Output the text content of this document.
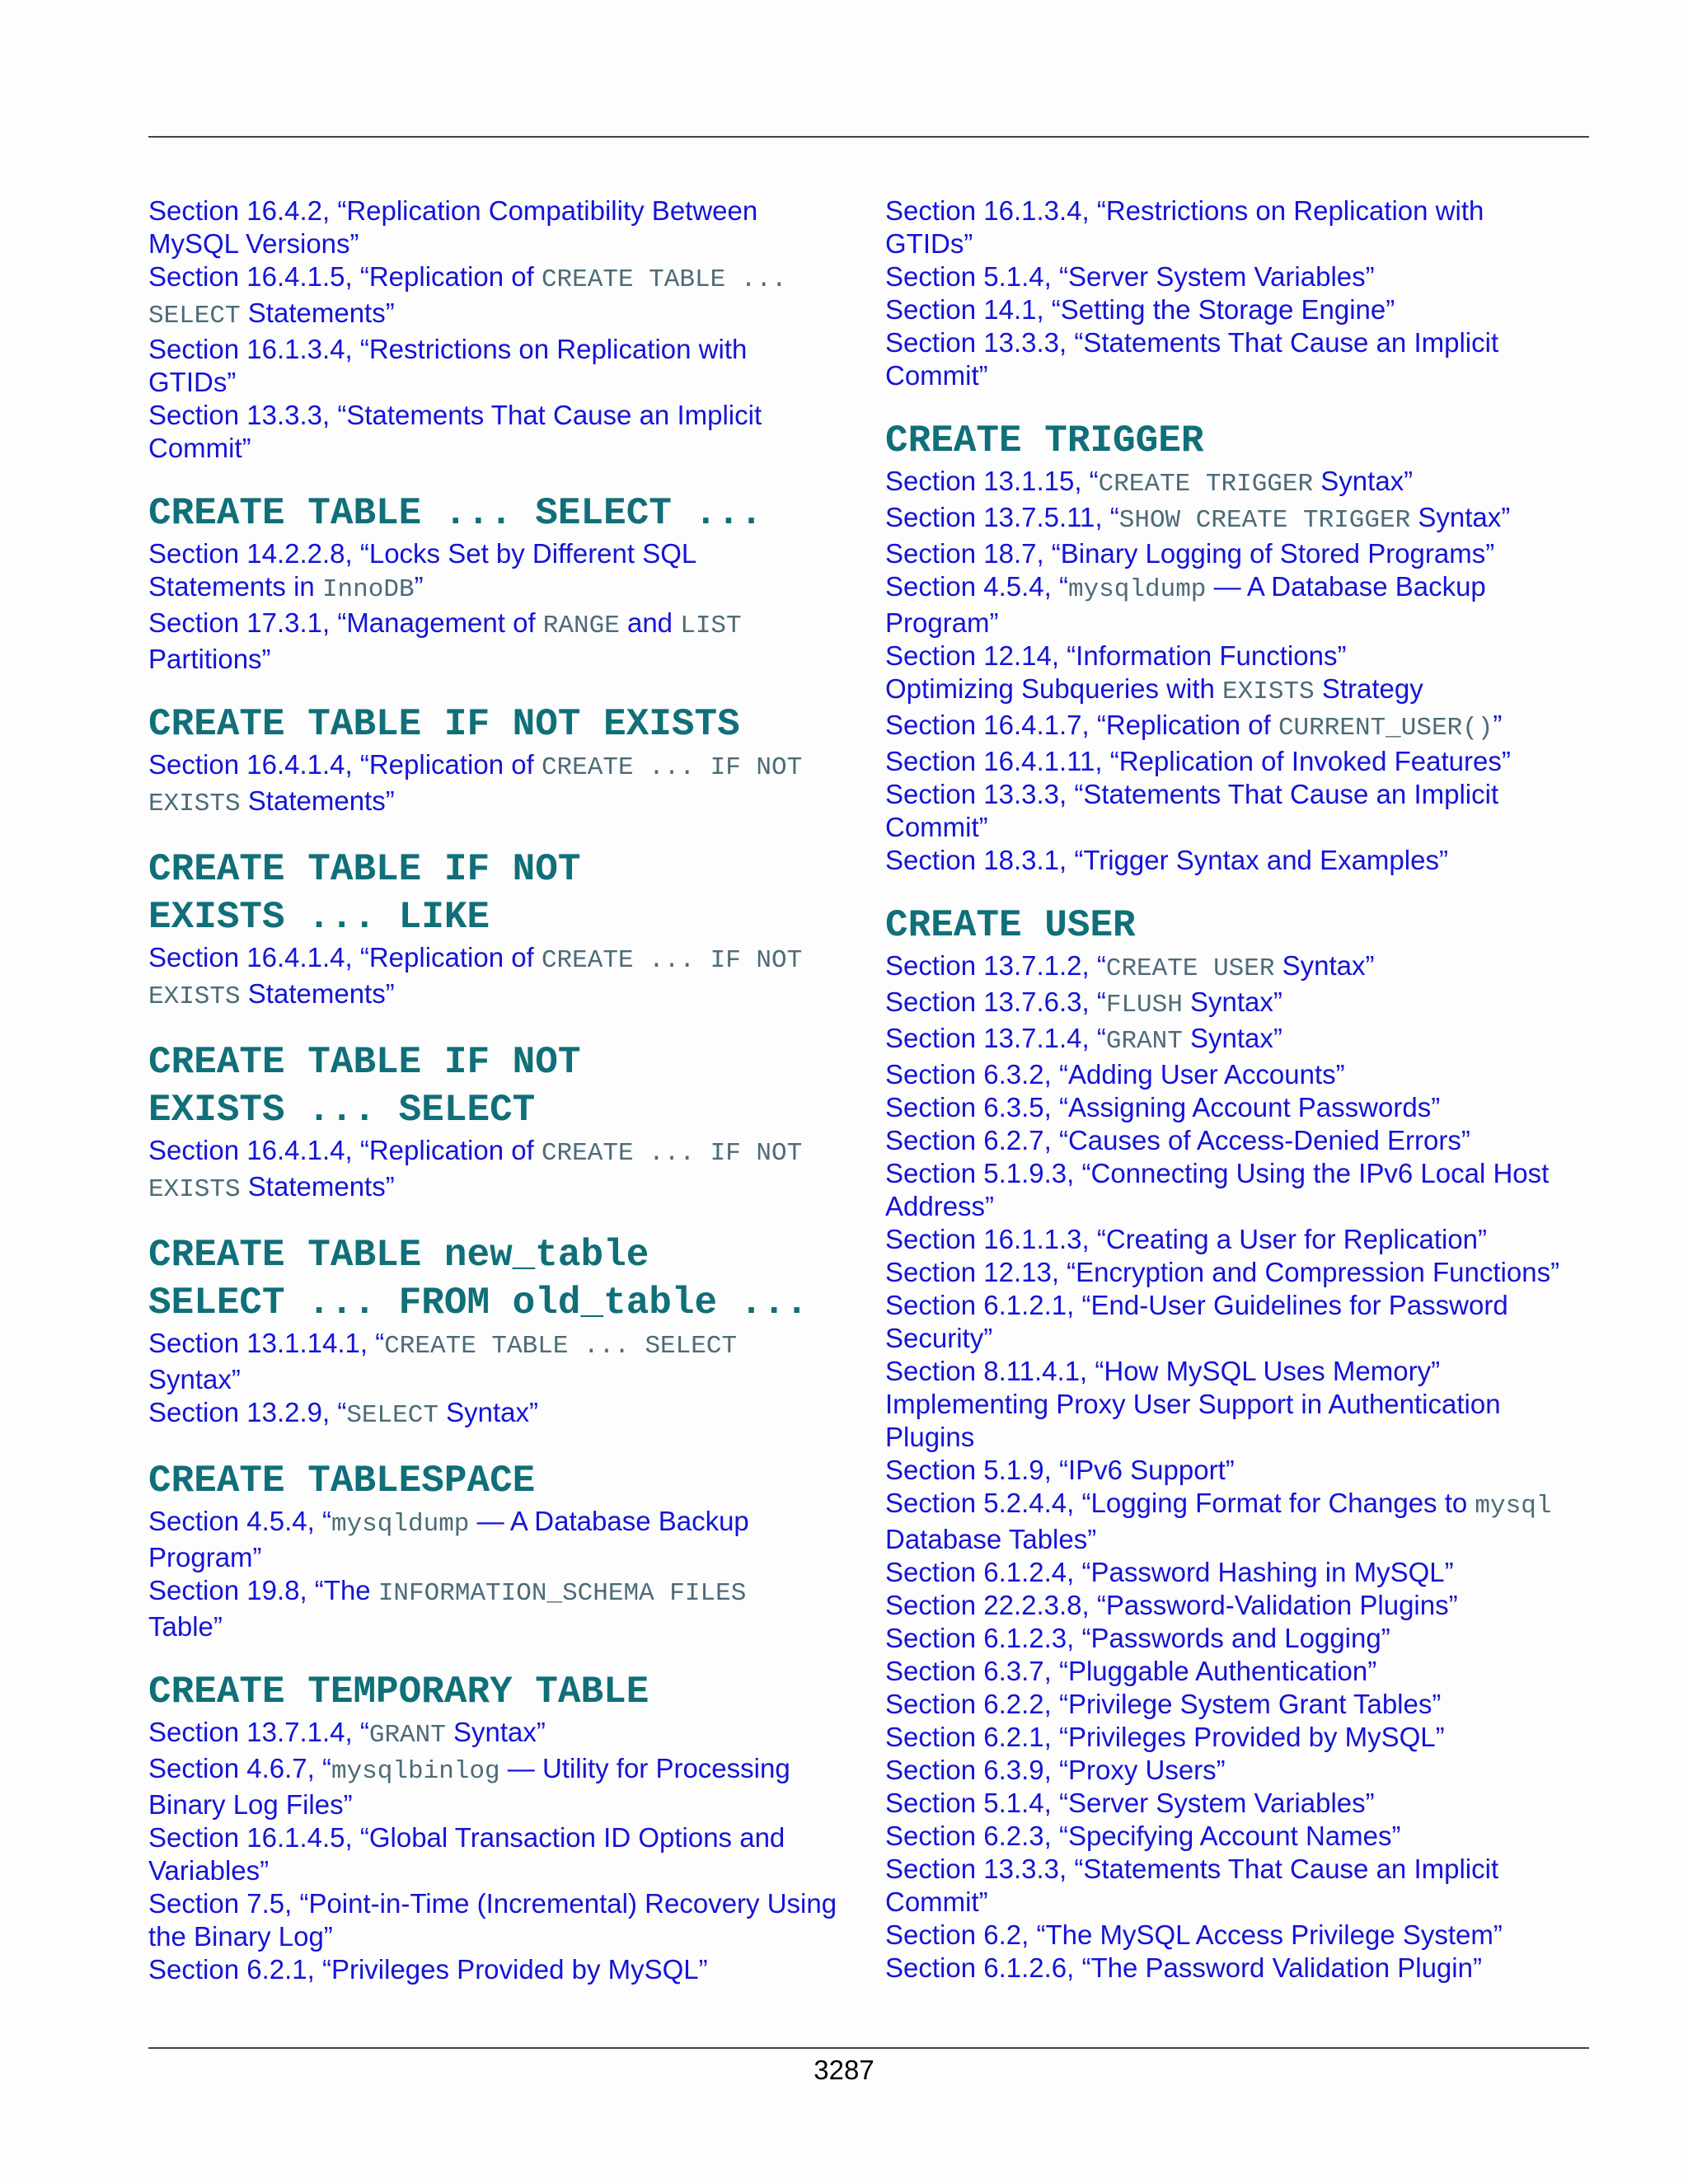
Section 16.4.2, “Replication Compatibility Between
MySQL Versions”
Section 16.4.1.5, “Replication of CREATE TABLE ...
SELECT Statements”
Section 16.1.3.4, “Restrictions on Replication with
GTIDs”
Section 13.3.3, “Statements That Cause an Implicit
Commit”
CREATE TABLE ... SELECT ...
Section 14.2.2.8, “Locks Set by Different SQL
Statements in InnoDB”
Section 17.3.1, “Management of RANGE and LIST
Partitions”
CREATE TABLE IF NOT EXISTS
Section 16.4.1.4, “Replication of CREATE ... IF NOT
EXISTS Statements”
CREATE TABLE IF NOT
EXISTS ... LIKE
Section 16.4.1.4, “Replication of CREATE ... IF NOT
EXISTS Statements”
CREATE TABLE IF NOT
EXISTS ... SELECT
Section 16.4.1.4, “Replication of CREATE ... IF NOT
EXISTS Statements”
CREATE TABLE new_table
SELECT ... FROM old_table ...
Section 13.1.14.1, “CREATE TABLE ... SELECT
Syntax”
Section 13.2.9, “SELECT Syntax”
CREATE TABLESPACE
Section 4.5.4, “mysqldump — A Database Backup
Program”
Section 19.8, “The INFORMATION_SCHEMA FILES
Table”
CREATE TEMPORARY TABLE
Section 13.7.1.4, “GRANT Syntax”
Section 4.6.7, “mysqlbinlog — Utility for Processing
Binary Log Files”
Section 16.1.4.5, “Global Transaction ID Options and
Variables”
Section 7.5, “Point-in-Time (Incremental) Recovery Using
the Binary Log”
Section 6.2.1, “Privileges Provided by MySQL”
Section 16.1.3.4, “Restrictions on Replication with
GTIDs”
Section 5.1.4, “Server System Variables”
Section 14.1, “Setting the Storage Engine”
Section 13.3.3, “Statements That Cause an Implicit
Commit”
CREATE TRIGGER
Section 13.1.15, “CREATE TRIGGER Syntax”
Section 13.7.5.11, “SHOW CREATE TRIGGER Syntax”
Section 18.7, “Binary Logging of Stored Programs”
Section 4.5.4, “mysqldump — A Database Backup
Program”
Section 12.14, “Information Functions”
Optimizing Subqueries with EXISTS Strategy
Section 16.4.1.7, “Replication of CURRENT_USER()”
Section 16.4.1.11, “Replication of Invoked Features”
Section 13.3.3, “Statements That Cause an Implicit
Commit”
Section 18.3.1, “Trigger Syntax and Examples”
CREATE USER
Section 13.7.1.2, “CREATE USER Syntax”
Section 13.7.6.3, “FLUSH Syntax”
Section 13.7.1.4, “GRANT Syntax”
Section 6.3.2, “Adding User Accounts”
Section 6.3.5, “Assigning Account Passwords”
Section 6.2.7, “Causes of Access-Denied Errors”
Section 5.1.9.3, “Connecting Using the IPv6 Local Host
Address”
Section 16.1.1.3, “Creating a User for Replication”
Section 12.13, “Encryption and Compression Functions”
Section 6.1.2.1, “End-User Guidelines for Password
Security”
Section 8.11.4.1, “How MySQL Uses Memory”
Implementing Proxy User Support in Authentication
Plugins
Section 5.1.9, “IPv6 Support”
Section 5.2.4.4, “Logging Format for Changes to mysql
Database Tables”
Section 6.1.2.4, “Password Hashing in MySQL”
Section 22.2.3.8, “Password-Validation Plugins”
Section 6.1.2.3, “Passwords and Logging”
Section 6.3.7, “Pluggable Authentication”
Section 6.2.2, “Privilege System Grant Tables”
Section 6.2.1, “Privileges Provided by MySQL”
Section 6.3.9, “Proxy Users”
Section 5.1.4, “Server System Variables”
Section 6.2.3, “Specifying Account Names”
Section 13.3.3, “Statements That Cause an Implicit
Commit”
Section 6.2, “The MySQL Access Privilege System”
Section 6.1.2.6, “The Password Validation Plugin”
3287
